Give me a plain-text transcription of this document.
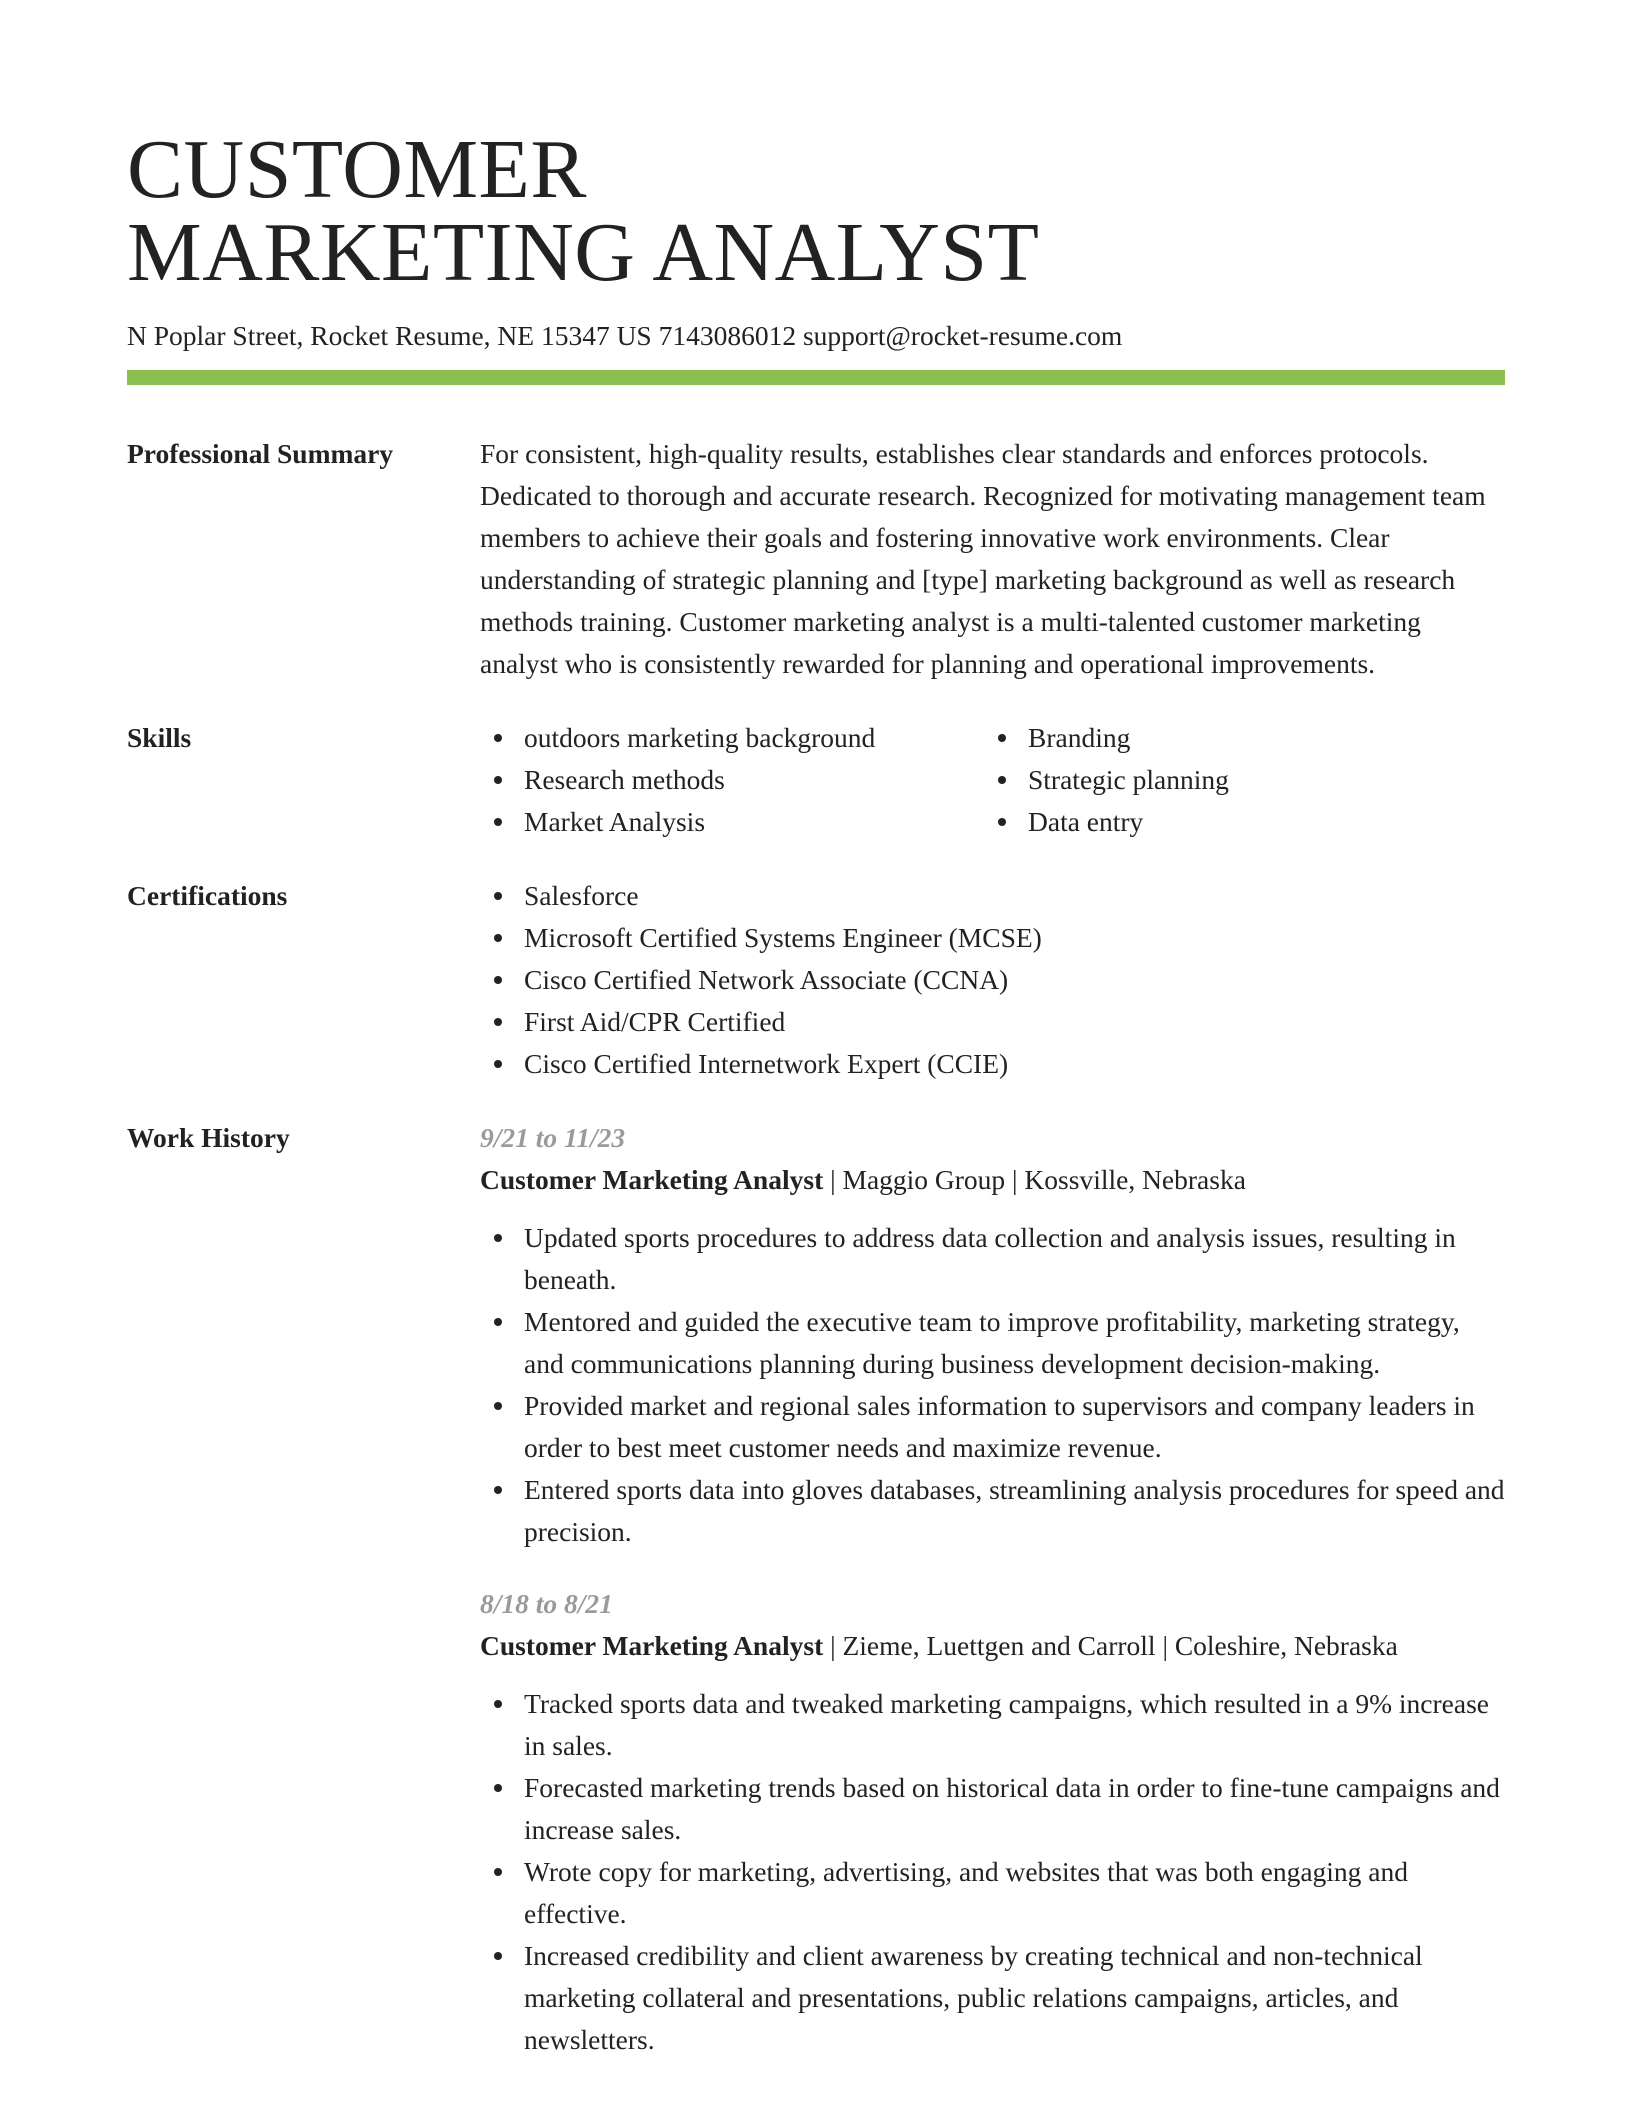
CUSTOMER
MARKETING ANALYST
N Poplar Street, Rocket Resume, NE 15347 US 7143086012 support@rocket-resume.com
Professional Summary	For consistent, high-quality results, establishes clear standards and enforces protocols. Dedicated to thorough and accurate research. Recognized for motivating management team members to achieve their goals and fostering innovative work environments. Clear understanding of strategic planning and [type] marketing background as well as research methods training. Customer marketing analyst is a multi-talented customer marketing analyst who is consistently rewarded for planning and operational improvements.

Skills	outdoors marketing background
Research methods
Market Analysis
Branding
Strategic planning
Data entry
Certifications	Salesforce
Microsoft Certified Systems Engineer (MCSE)
Cisco Certified Network Associate (CCNA)
First Aid/CPR Certified
Cisco Certified Internetwork Expert (CCIE)
Work History	9/21 to 11/23
Customer Marketing Analyst | Maggio Group | Kossville, Nebraska
Updated sports procedures to address data collection and analysis issues, resulting in beneath.
Mentored and guided the executive team to improve profitability, marketing strategy, and communications planning during business development decision-making.
Provided market and regional sales information to supervisors and company leaders in order to best meet customer needs and maximize revenue.
Entered sports data into gloves databases, streamlining analysis procedures for speed and precision.
8/18 to 8/21
Customer Marketing Analyst | Zieme, Luettgen and Carroll | Coleshire, Nebraska
Tracked sports data and tweaked marketing campaigns, which resulted in a 9% increase in sales.
Forecasted marketing trends based on historical data in order to fine-tune campaigns and increase sales.
Wrote copy for marketing, advertising, and websites that was both engaging and effective.
Increased credibility and client awareness by creating technical and non-technical marketing collateral and presentations, public relations campaigns, articles, and newsletters.
